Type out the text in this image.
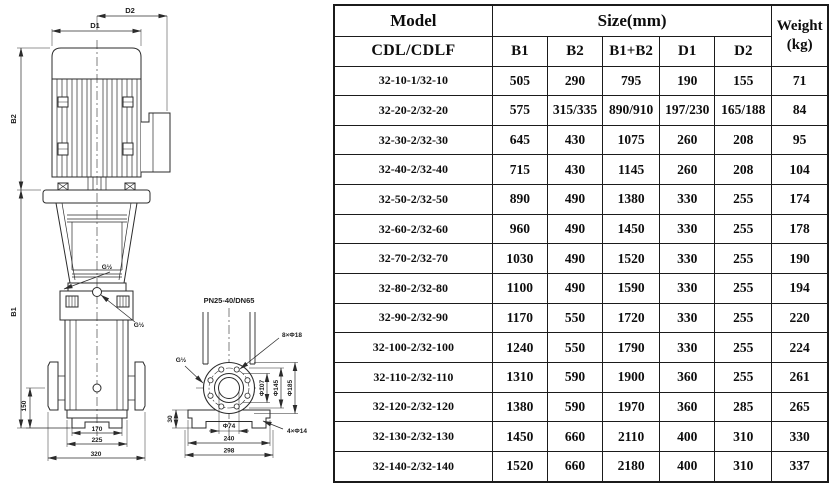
D2
D1
B2
B1
150
170
225
320
G½
G½
PN25-40/DN65
8×Φ18
G½
Φ107 Φ145 Φ185
30
Φ74
240
298
4×Φ14
Model	Size(mm)					Weight
(kg)

CDL/CDLF	B1	B2	B1+B2	D1	D2	
32-10-1/32-10	505	290	795	190	155	71
32-20-2/32-20	575	315/335	890/910	197/230	165/188	84
32-30-2/32-30	645	430	1075	260	208	95
32-40-2/32-40	715	430	1145	260	208	104
32-50-2/32-50	890	490	1380	330	255	174
32-60-2/32-60	960	490	1450	330	255	178
32-70-2/32-70	1030	490	1520	330	255	190
32-80-2/32-80	1100	490	1590	330	255	194
32-90-2/32-90	1170	550	1720	330	255	220
32-100-2/32-100	1240	550	1790	330	255	224
32-110-2/32-110	1310	590	1900	360	255	261
32-120-2/32-120	1380	590	1970	360	285	265
32-130-2/32-130	1450	660	2110	400	310	330
32-140-2/32-140	1520	660	2180	400	310	337
